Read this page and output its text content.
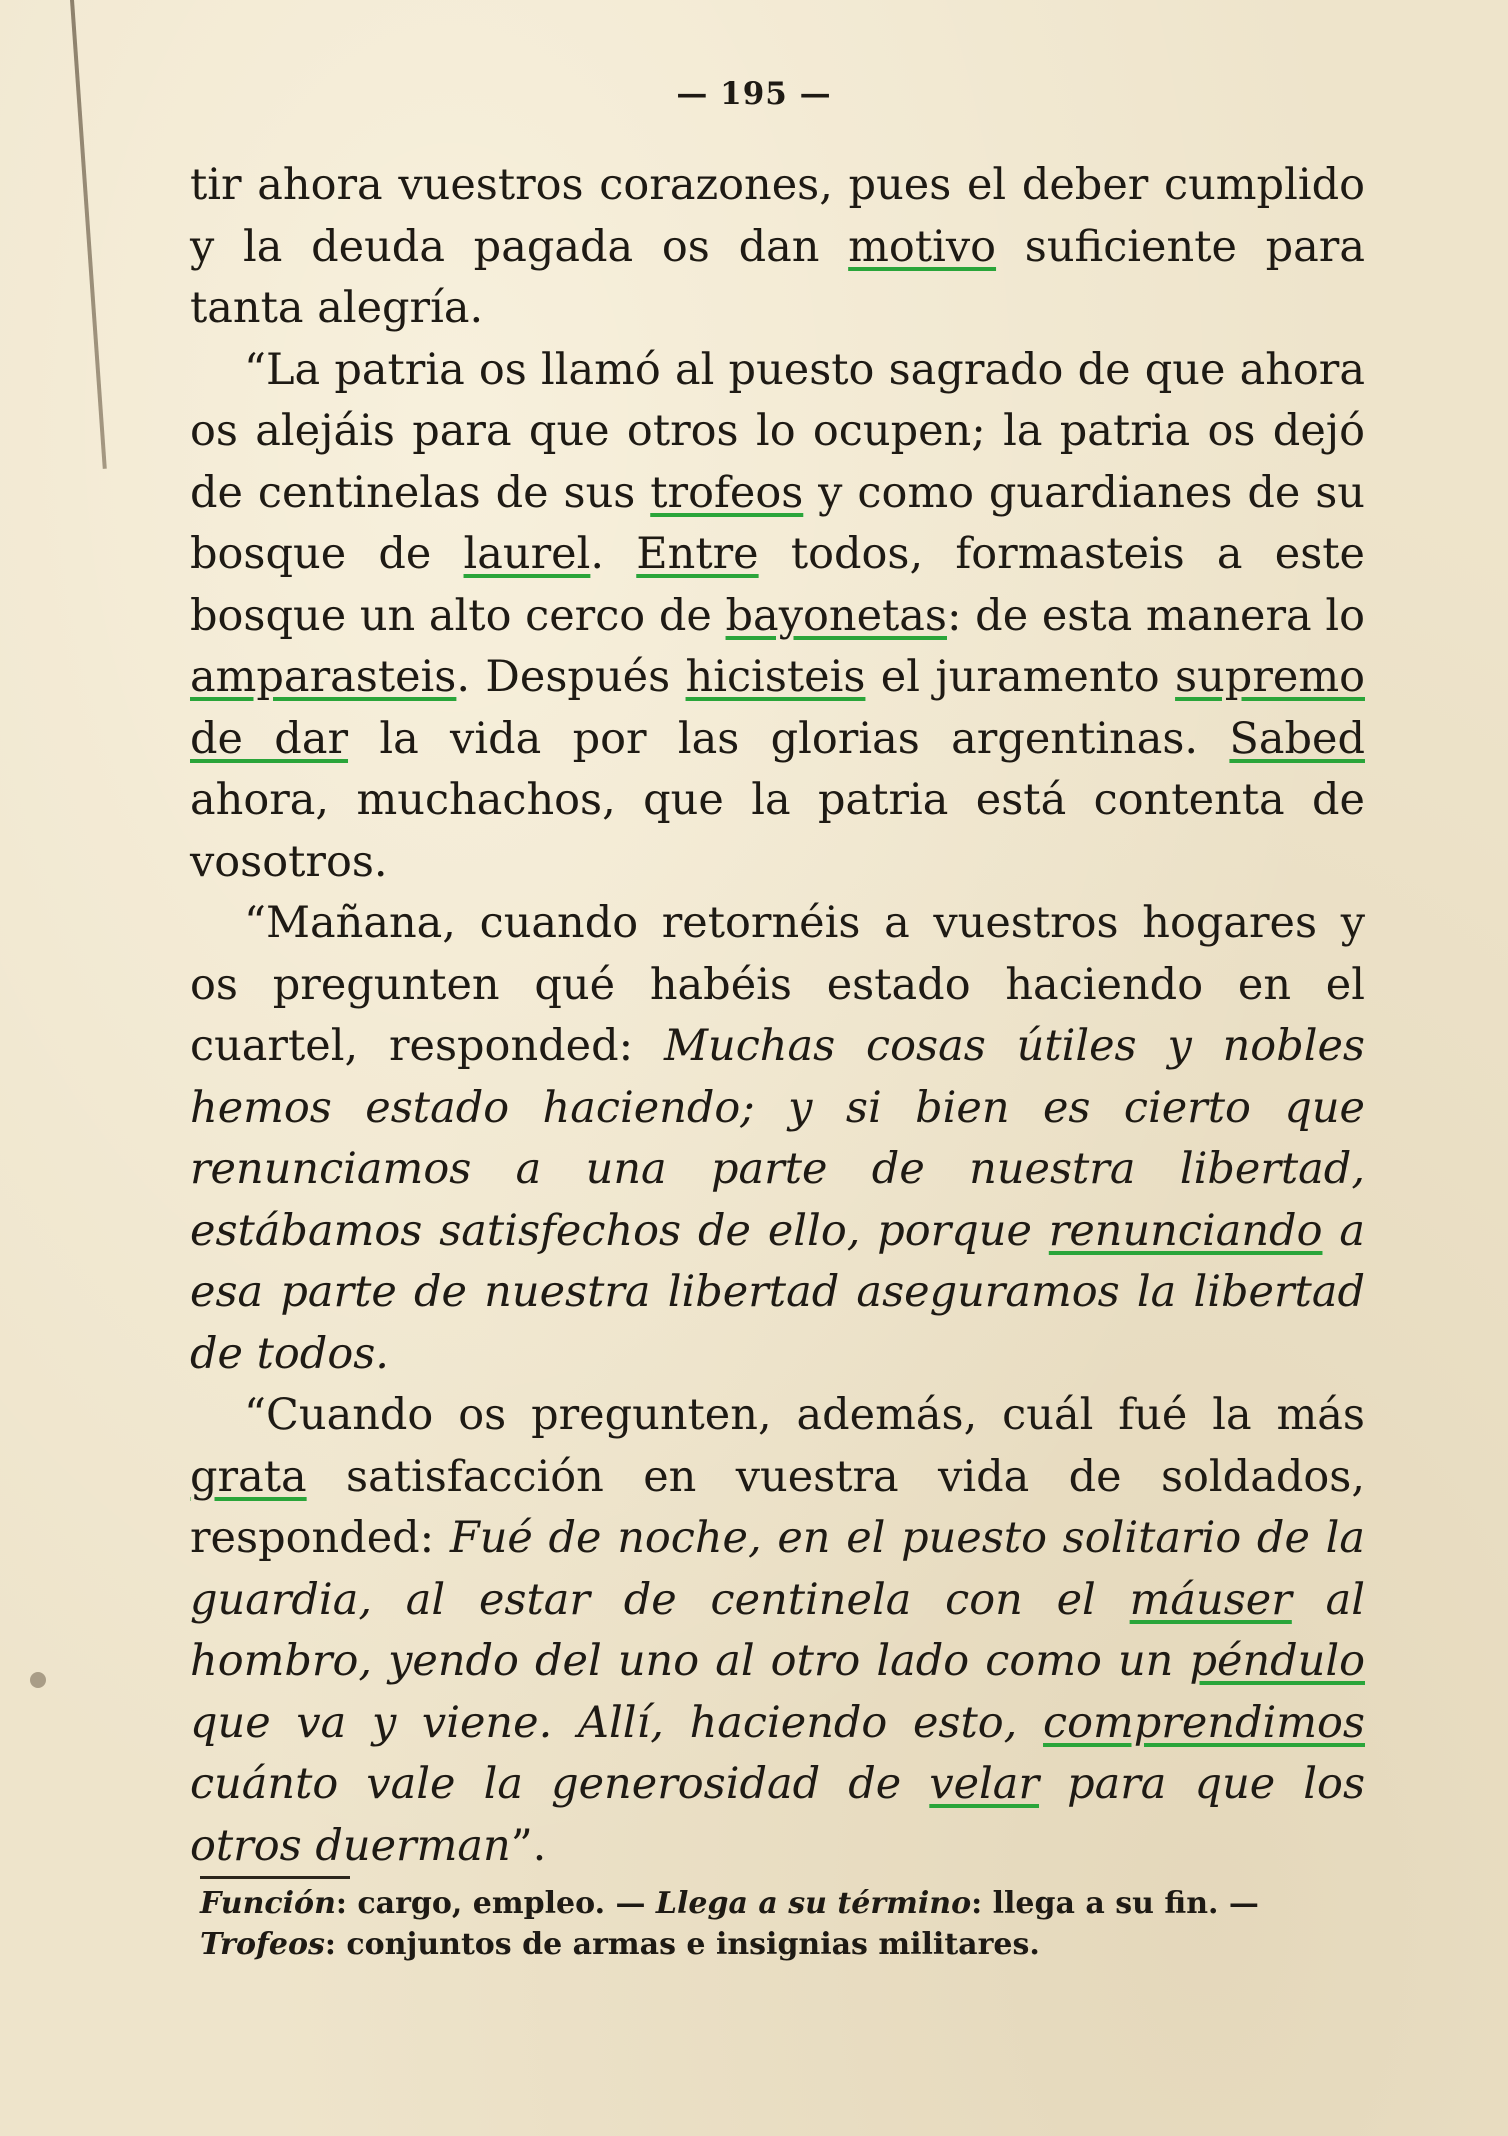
— 195 —

tir ahora vuestros corazones, pues el deber cumplido y la deuda pagada os dan motivo suficiente para tanta alegría.

“La patria os llamó al puesto sagrado de que ahora os alejáis para que otros lo ocupen; la patria os dejó de centinelas de sus trofeos y como guardianes de su bosque de laurel. Entre todos, formasteis a este bosque un alto cerco de bayonetas: de esta manera lo amparasteis. Después hicisteis el juramento supremo de dar la vida por las glorias argentinas. Sabed ahora, muchachos, que la patria está contenta de vosotros.

“Mañana, cuando retornéis a vuestros hogares y os pregunten qué habéis estado haciendo en el cuartel, responded: Muchas cosas útiles y nobles hemos estado haciendo; y si bien es cierto que renunciamos a una parte de nuestra libertad, estábamos satisfechos de ello, porque renunciando a esa parte de nuestra libertad aseguramos la libertad de todos.

“Cuando os pregunten, además, cuál fué la más grata satisfacción en vuestra vida de soldados, responded: Fué de noche, en el puesto solitario de la guardia, al estar de centinela con el máuser al hombro, yendo del uno al otro lado como un péndulo que va y viene. Allí, haciendo esto, comprendimos cuánto vale la generosidad de velar para que los otros duerman”.

Función: cargo, empleo. — Llega a su término: llega a su fin. — Trofeos: conjuntos de armas e insignias militares.
